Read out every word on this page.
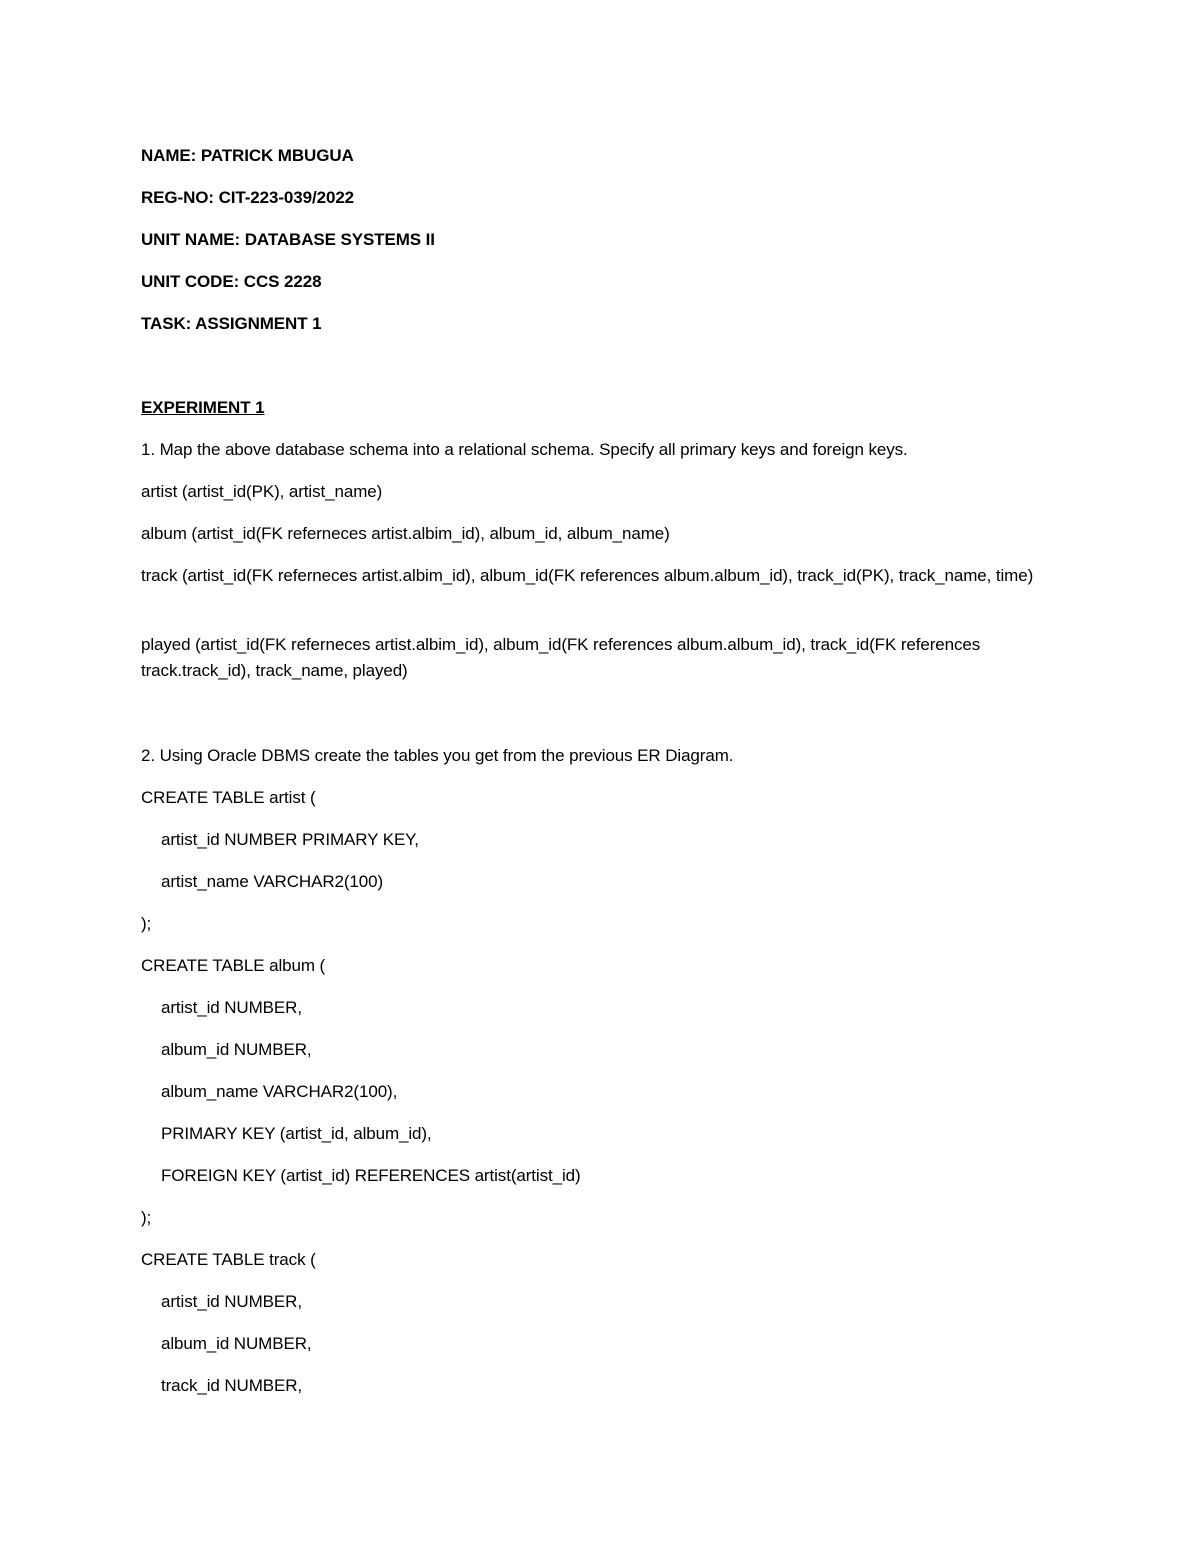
NAME: PATRICK MBUGUA
REG-NO: CIT-223-039/2022
UNIT NAME: DATABASE SYSTEMS II
UNIT CODE: CCS 2228
TASK: ASSIGNMENT 1
EXPERIMENT 1
1. Map the above database schema into a relational schema. Specify all primary keys and foreign keys.
artist (artist_id(PK), artist_name)
album (artist_id(FK referneces artist.albim_id), album_id, album_name)
track (artist_id(FK referneces artist.albim_id), album_id(FK references album.album_id), track_id(PK), track_name, time)
played (artist_id(FK referneces artist.albim_id), album_id(FK references album.album_id), track_id(FK references track.track_id), track_name, played)
2. Using Oracle DBMS create the tables you get from the previous ER Diagram.
CREATE TABLE artist (
artist_id NUMBER PRIMARY KEY,
artist_name VARCHAR2(100)
);
CREATE TABLE album (
artist_id NUMBER,
album_id NUMBER,
album_name VARCHAR2(100),
PRIMARY KEY (artist_id, album_id),
FOREIGN KEY (artist_id) REFERENCES artist(artist_id)
);
CREATE TABLE track (
artist_id NUMBER,
album_id NUMBER,
track_id NUMBER,
